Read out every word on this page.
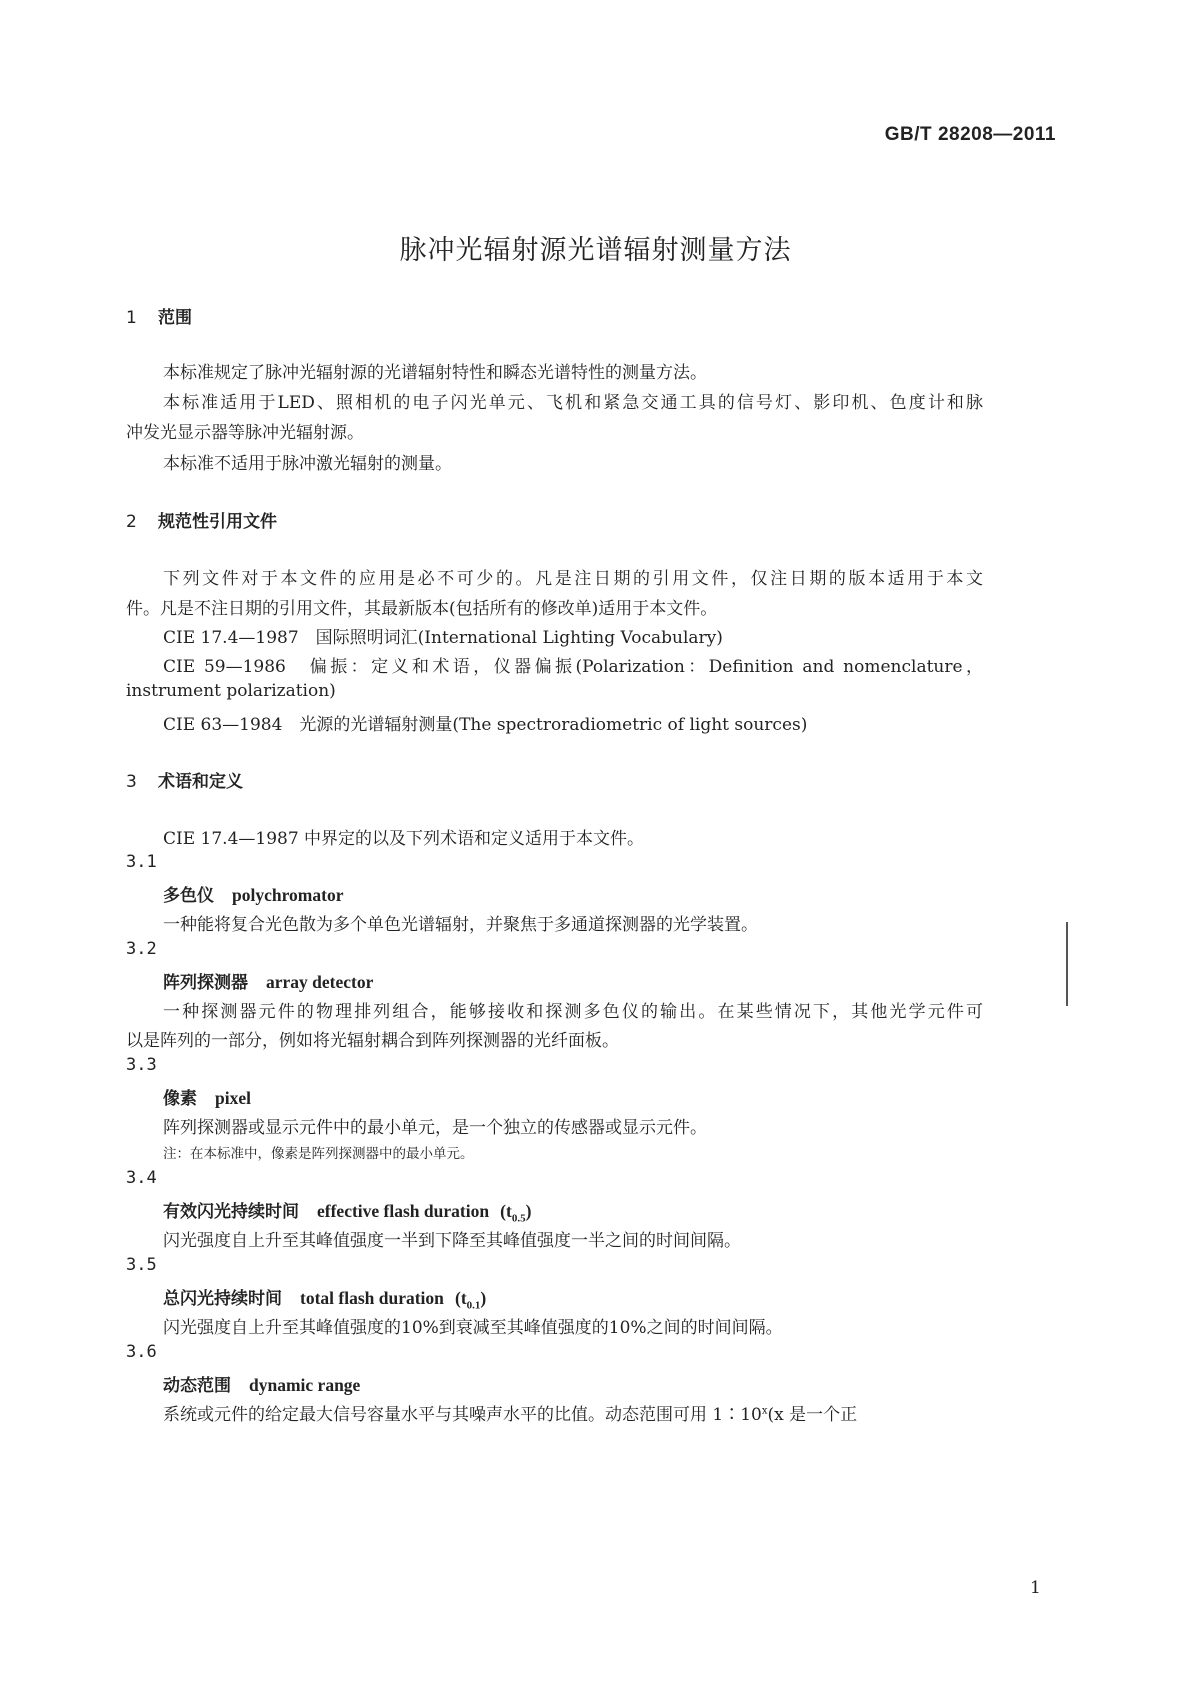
GB/T 28208—2011
脉冲光辐射源光谱辐射测量方法
1 范围
本标准规定了脉冲光辐射源的光谱辐射特性和瞬态光谱特性的测量方法。
本标准适用于LED、照相机的电子闪光单元、飞机和紧急交通工具的信号灯、影印机、色度计和脉
冲发光显示器等脉冲光辐射源。
本标准不适用于脉冲激光辐射的测量。
2 规范性引用文件
下列文件对于本文件的应用是必不可少的。凡是注日期的引用文件，仅注日期的版本适用于本文
件。凡是不注日期的引用文件，其最新版本(包括所有的修改单)适用于本文件。
CIE 17.4—1987　国际照明词汇(International Lighting Vocabulary)
CIE 59—1986　偏振：定义和术语，仪器偏振(Polarization：Definition and nomenclature，
instrument polarization)
CIE 63—1984　光源的光谱辐射测量(The spectroradiometric of light sources)
3 术语和定义
CIE 17.4—1987 中界定的以及下列术语和定义适用于本文件。
3.1
多色仪 polychromator
一种能将复合光色散为多个单色光谱辐射，并聚焦于多通道探测器的光学装置。
3.2
阵列探测器 array detector
一种探测器元件的物理排列组合，能够接收和探测多色仪的输出。在某些情况下，其他光学元件可
以是阵列的一部分，例如将光辐射耦合到阵列探测器的光纤面板。
3.3
像素 pixel
阵列探测器或显示元件中的最小单元，是一个独立的传感器或显示元件。
注：在本标准中，像素是阵列探测器中的最小单元。
3.4
有效闪光持续时间 effective flash duration $(t_{0.5})$
闪光强度自上升至其峰值强度一半到下降至其峰值强度一半之间的时间间隔。
3.5
总闪光持续时间 total flash duration $(t_{0.1})$
闪光强度自上升至其峰值强度的10%到衰减至其峰值强度的10%之间的时间间隔。
3.6
动态范围 dynamic range
系统或元件的给定最大信号容量水平与其噪声水平的比值。动态范围可用 1∶10$^x$(x 是一个正
1
